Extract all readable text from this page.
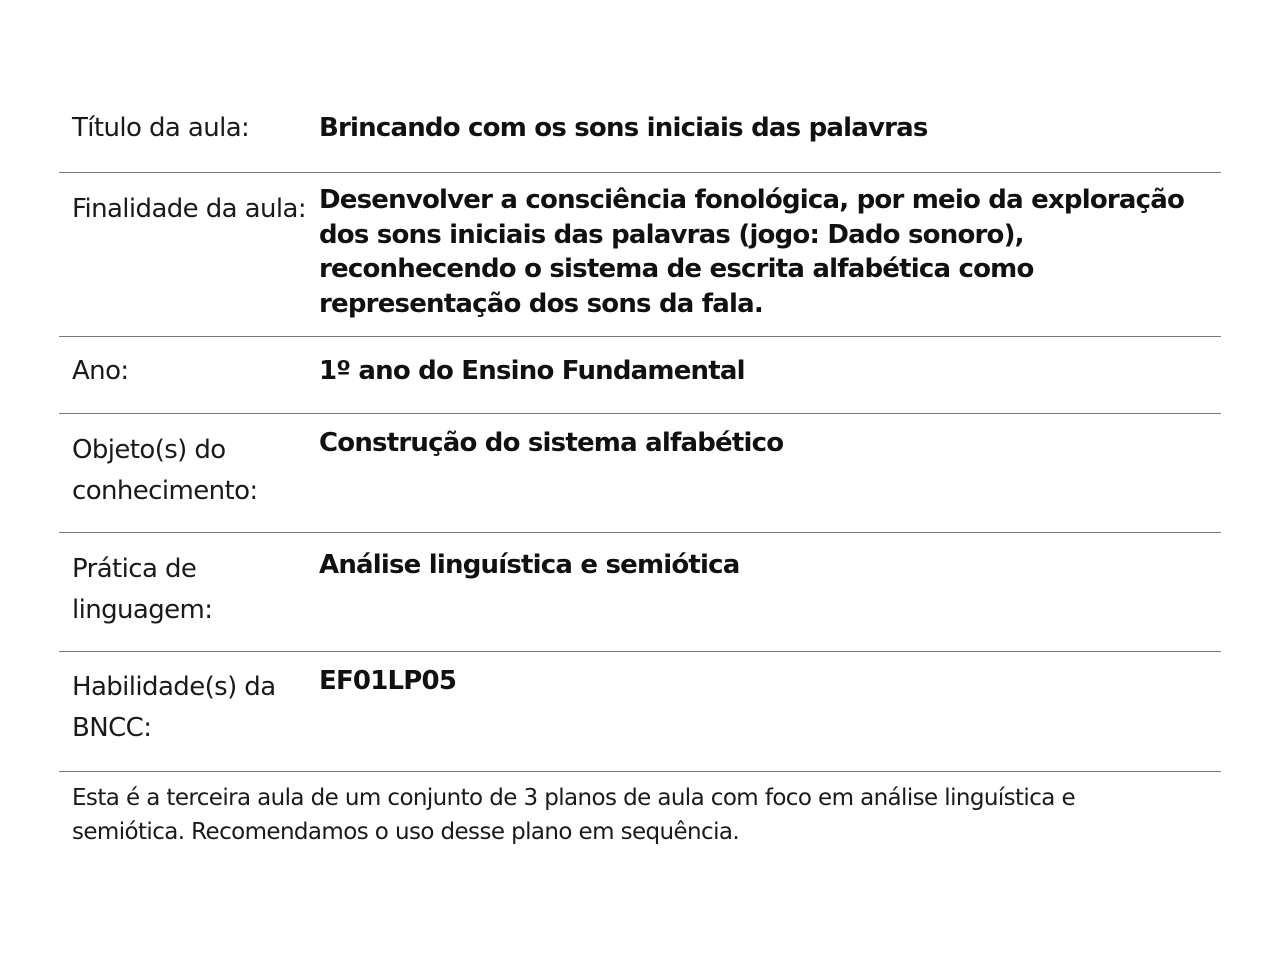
Título da aula:	Brincando com os sons iniciais das palavras
Finalidade da aula: Desenvolver a consciência fonológica, por meio da exploração dos sons iniciais das palavras (jogo: Dado sonoro), reconhecendo o sistema de escrita alfabética como representação dos sons da fala.
Ano:	1º ano do Ensino Fundamental
Objeto(s) do conhecimento:
Construção do sistema alfabético
Prática de linguagem:
Análise linguística e semiótica
Habilidade(s) da BNCC:
EF01LP05
Esta é a terceira aula de um conjunto de 3 planos de aula com foco em análise linguística e semiótica. Recomendamos o uso desse plano em sequência.
